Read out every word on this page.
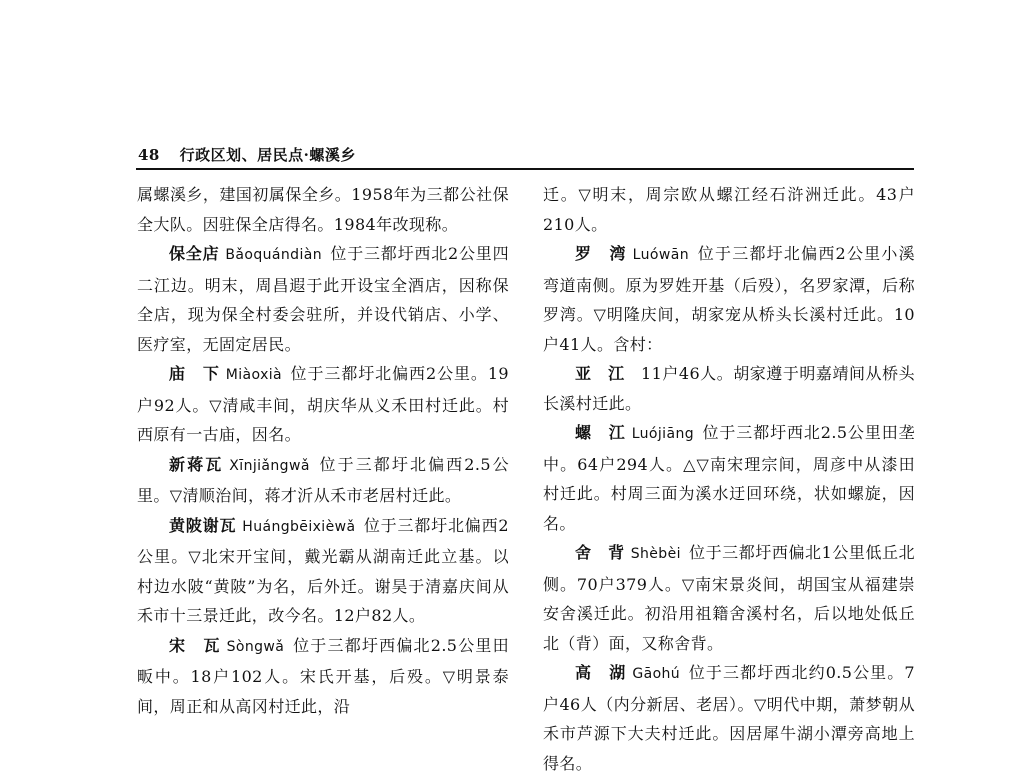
48 行政区划、居民点·螺溪乡

属螺溪乡，建国初属保全乡。1958年为三都公社保全大队。因驻保全店得名。1984年改现称。

保全店 Bǎoquándiàn 位于三都圩西北2公里四二江边。明末，周昌遐于此开设宝全酒店，因称保全店，现为保全村委会驻所，并设代销店、小学、医疗室，无固定居民。

庙　下 Miàoxià 位于三都圩北偏西2公里。19户92人。▽清咸丰间，胡庆华从义禾田村迁此。村西原有一古庙，因名。

新蒋瓦 Xīnjiǎngwǎ 位于三都圩北偏西2.5公里。▽清顺治间，蒋才沂从禾市老居村迁此。

黄陂谢瓦 Huángbēixièwǎ 位于三都圩北偏西2公里。▽北宋开宝间，戴光霸从湖南迁此立基。以村边水陂“黄陂”为名，后外迁。谢昊于清嘉庆间从禾市十三景迁此，改今名。12户82人。

宋　瓦 Sòngwǎ 位于三都圩西偏北2.5公里田畈中。18户102人。宋氏开基，后殁。▽明景泰间，周正和从高冈村迁此，沿

迁。▽明末，周宗欧从螺江经石浒洲迁此。43户210人。

罗　湾 Luówān 位于三都圩北偏西2公里小溪弯道南侧。原为罗姓开基（后殁），名罗家潭，后称罗湾。▽明隆庆间，胡家宠从桥头长溪村迁此。10户41人。含村：

亚　江  11户46人。胡家遵于明嘉靖间从桥头长溪村迁此。

螺　江 Luójiāng 位于三都圩西北2.5公里田垄中。64户294人。△▽南宋理宗间，周彦中从漆田村迁此。村周三面为溪水迂回环绕，状如螺旋，因名。

舍　背 Shèbèi 位于三都圩西偏北1公里低丘北侧。70户379人。▽南宋景炎间，胡国宝从福建崇安舍溪迁此。初沿用祖籍舍溪村名，后以地处低丘北（背）面，又称舍背。

高　湖 Gāohú 位于三都圩西北约0.5公里。7户46人（内分新居、老居）。▽明代中期，萧梦朝从禾市芦源下大夫村迁此。因居犀牛湖小潭旁高地上得名。
